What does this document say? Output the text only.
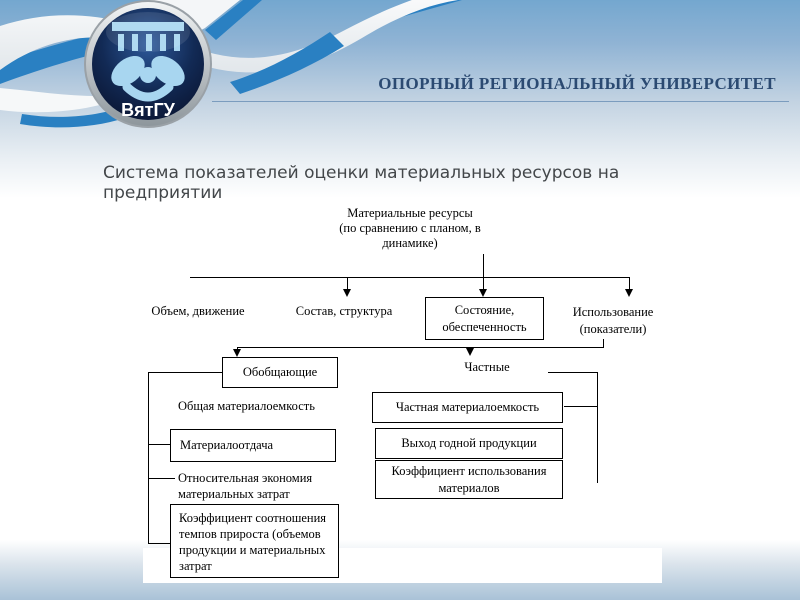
ВятГУ
ОПОРНЫЙ РЕГИОНАЛЬНЫЙ УНИВЕРСИТЕТ
Система показателей оценки материальных ресурсов на предприятии
Материальные ресурсы
(по сравнению с планом, в
динамике)
Объем, движение	Состав, структура	Состояние,
обеспеченность
Использование
(показатели)
Обобщающие	Частные
Общая материалоемкость
Материалоотдача
Относительная экономия
материальных затрат
Коэффициент соотношения
темпов прироста (объемов
продукции и материальных
затрат
Частная материалоемкость
Выход годной продукции
Коэффициент использования
материалов
